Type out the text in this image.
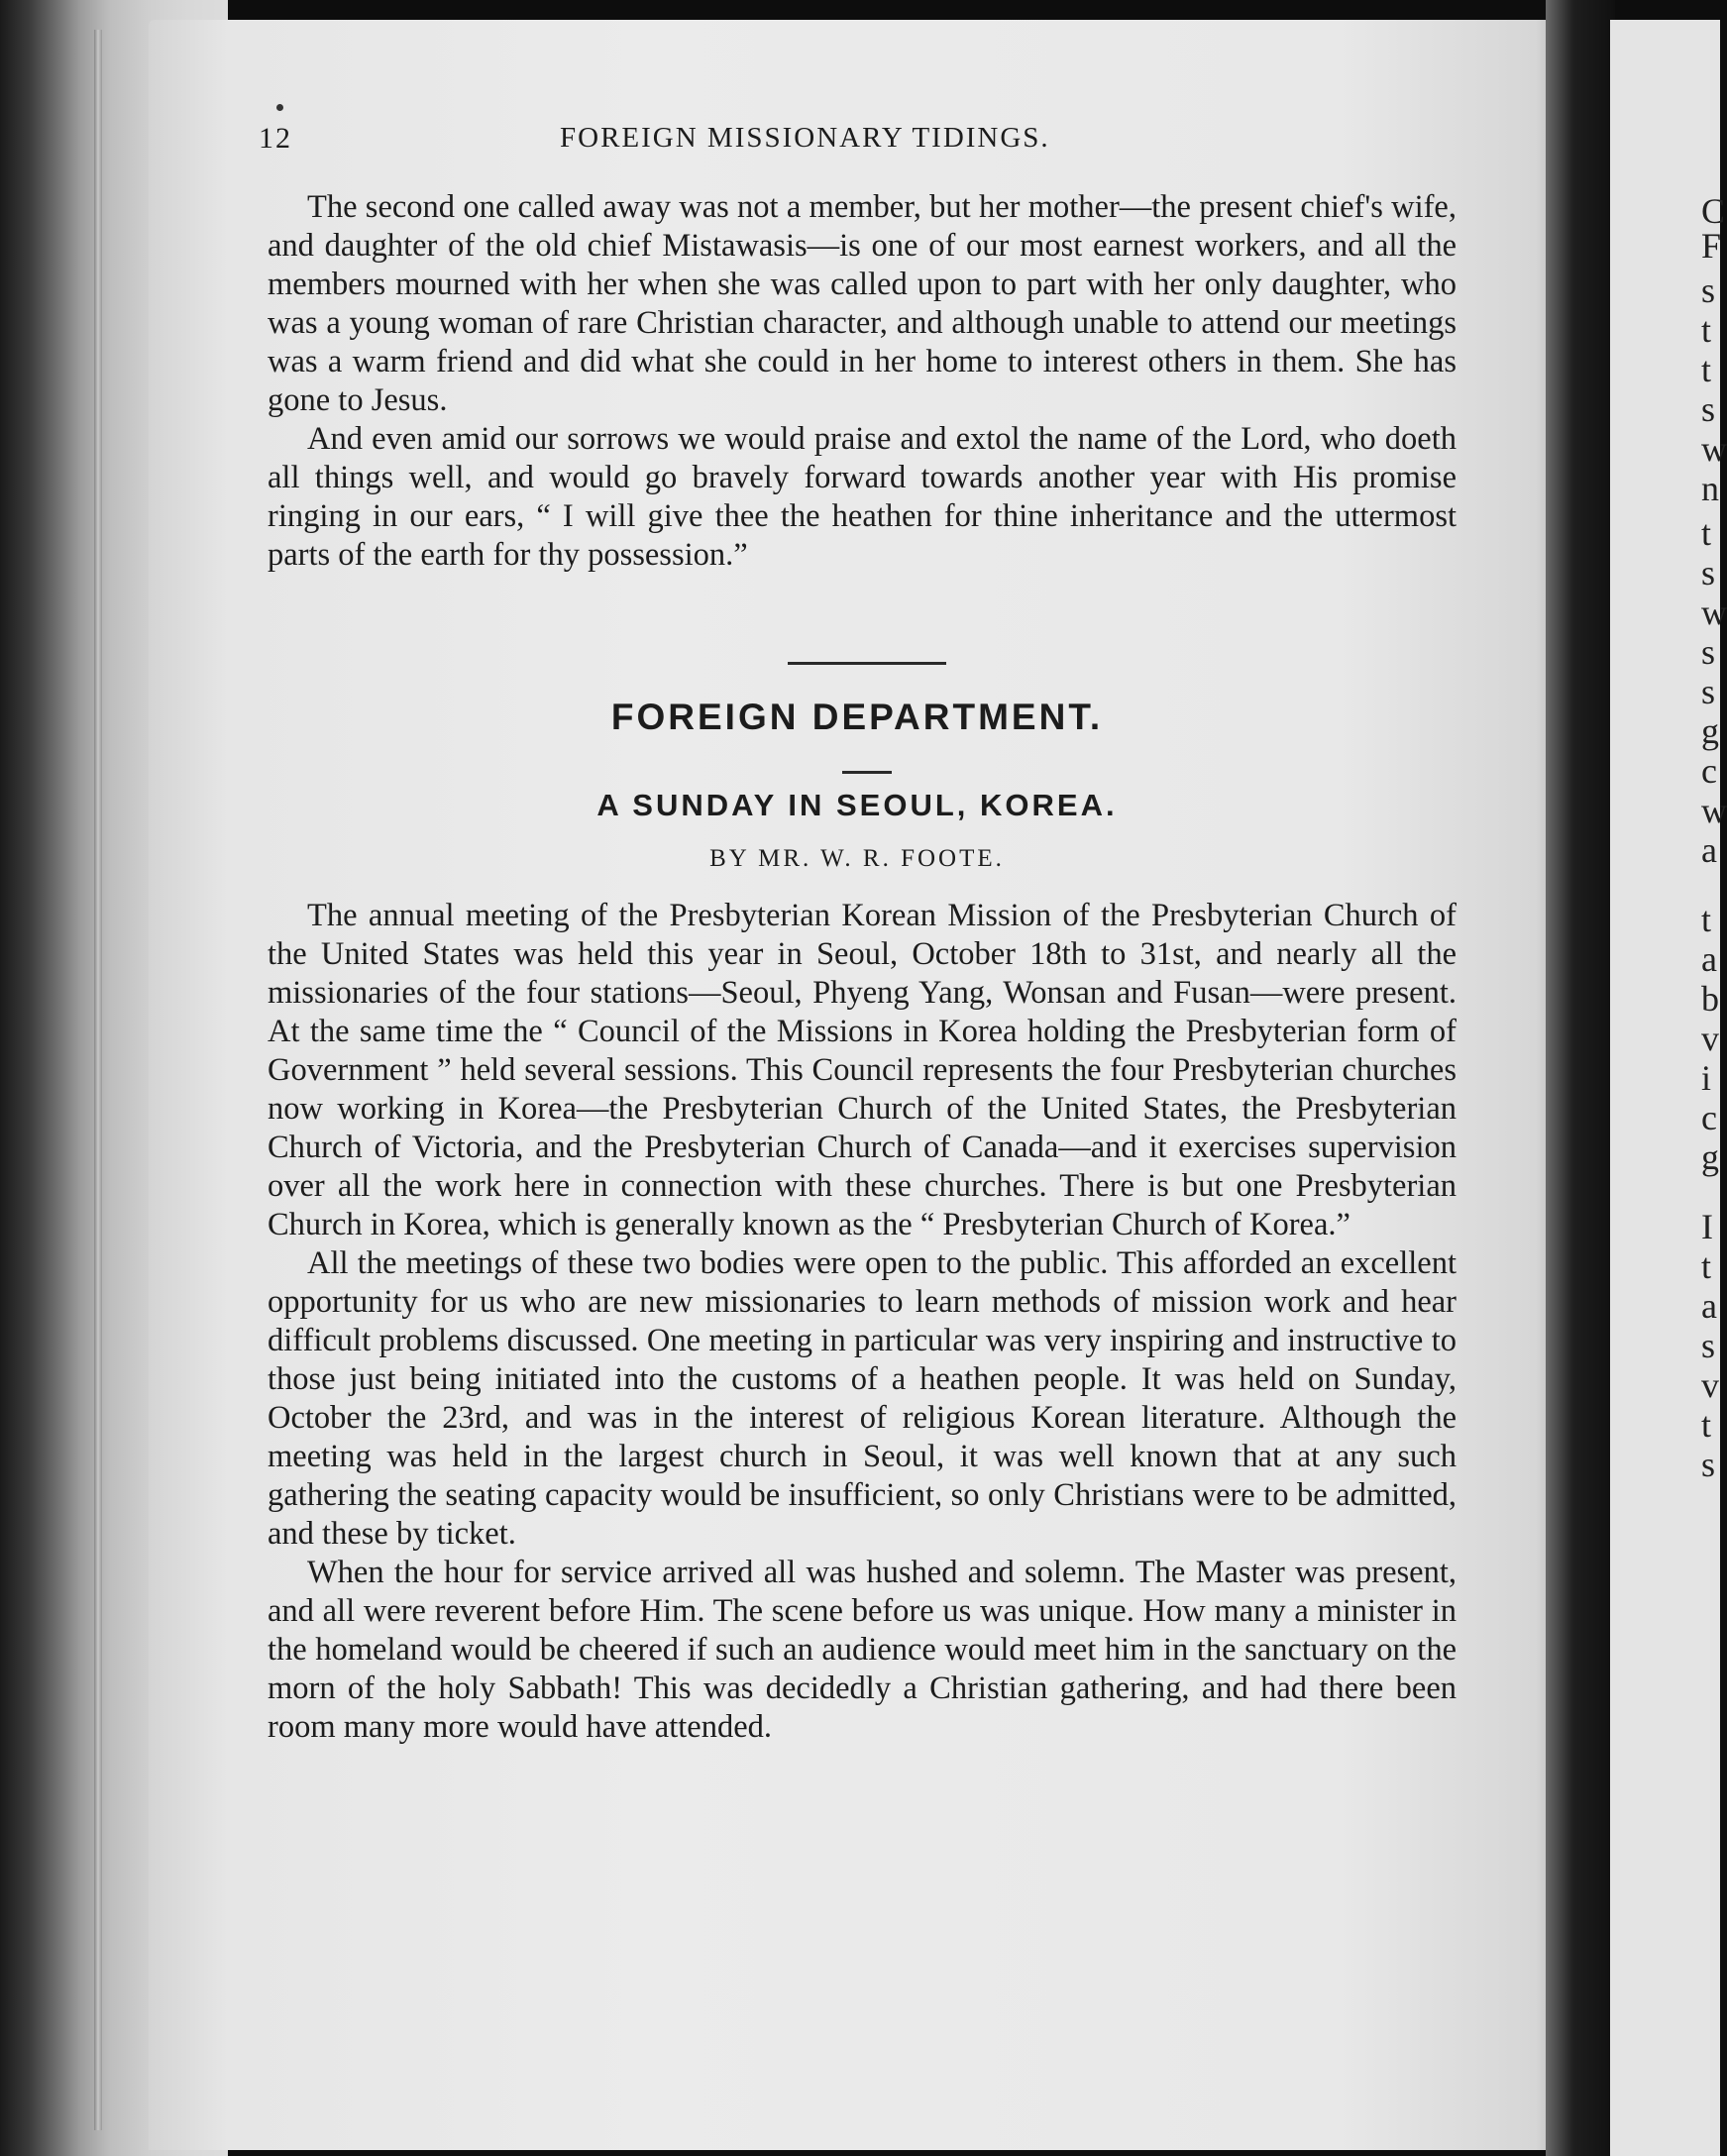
C
F
s
t
t
s
w
n
t
s
w
s
s
g
c
w
a
t
a
b
v
i
c
g
I
t
a
s
v
t
s
12	FOREIGN MISSIONARY TIDINGS.

The second one called away was not a member, but her mother—the present chief's wife, and daughter of the old chief Mistawasis—is one of our most earnest workers, and all the members mourned with her when she was called upon to part with her only daughter, who was a young woman of rare Christian character, and although unable to attend our meetings was a warm friend and did what she could in her home to interest others in them. She has gone to Jesus.

And even amid our sorrows we would praise and extol the name of the Lord, who doeth all things well, and would go bravely forward towards another year with His promise ringing in our ears, “ I will give thee the heathen for thine inheritance and the uttermost parts of the earth for thy possession.”

FOREIGN DEPARTMENT.
A SUNDAY IN SEOUL, KOREA.
BY MR. W. R. FOOTE.

The annual meeting of the Presbyterian Korean Mission of the Presbyterian Church of the United States was held this year in Seoul, October 18th to 31st, and nearly all the missionaries of the four stations—Seoul, Phyeng Yang, Wonsan and Fusan—were present. At the same time the “ Council of the Missions in Korea holding the Presbyterian form of Government ” held several sessions. This Council represents the four Presbyterian churches now working in Korea—the Presbyterian Church of the United States, the Presbyterian Church of Victoria, and the Presbyterian Church of Canada—and it exercises supervision over all the work here in connection with these churches. There is but one Presbyterian Church in Korea, which is generally known as the “ Presbyterian Church of Korea.”

All the meetings of these two bodies were open to the public. This afforded an excellent opportunity for us who are new missionaries to learn methods of mission work and hear difficult problems discussed. One meeting in particular was very inspiring and instructive to those just being initiated into the customs of a heathen people. It was held on Sunday, October the 23rd, and was in the interest of religious Korean literature. Although the meeting was held in the largest church in Seoul, it was well known that at any such gathering the seating capacity would be insufficient, so only Christians were to be admitted, and these by ticket.

When the hour for service arrived all was hushed and solemn. The Master was present, and all were reverent before Him. The scene before us was unique. How many a minister in the homeland would be cheered if such an audience would meet him in the sanctuary on the morn of the holy Sabbath! This was decidedly a Christian gathering, and had there been room many more would have attended.
